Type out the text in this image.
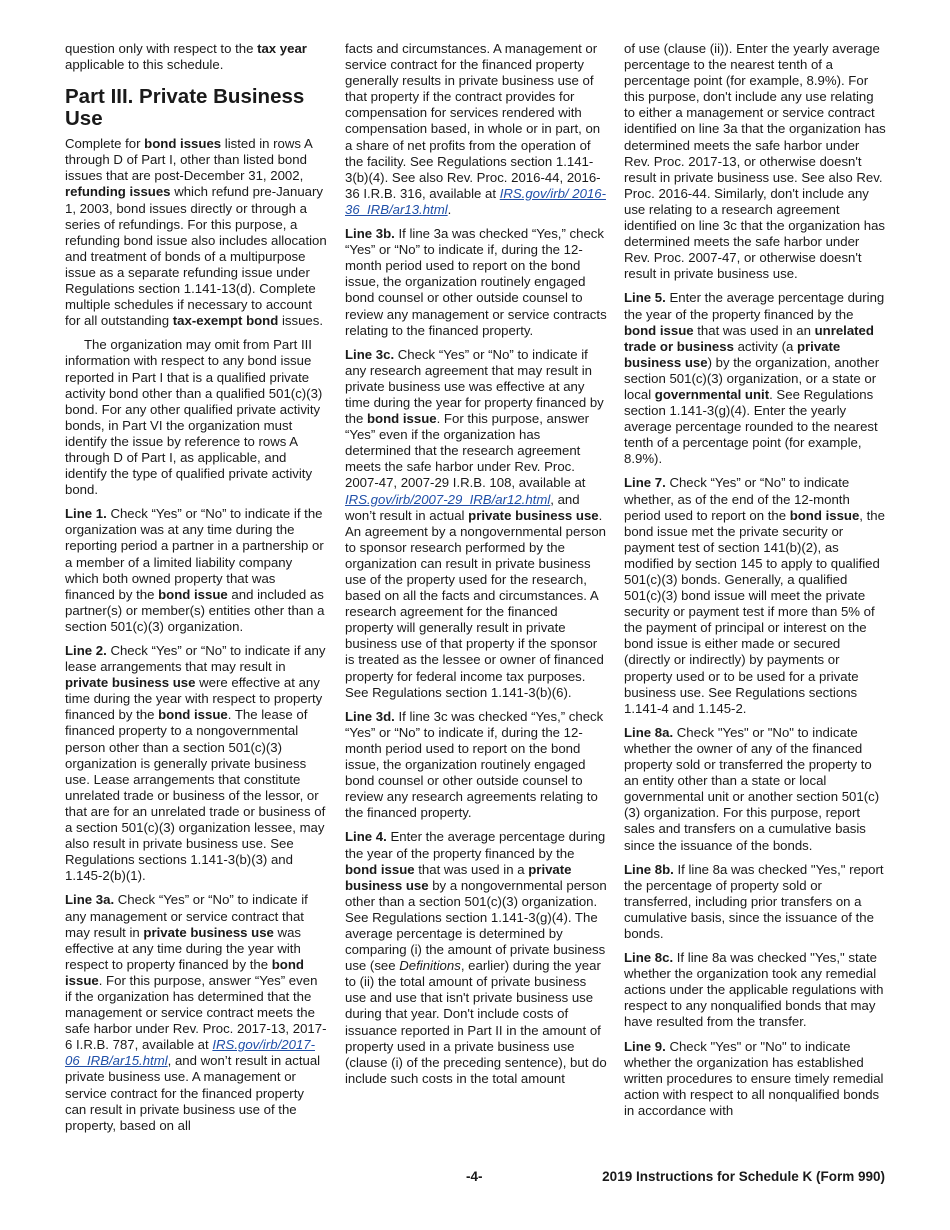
question only with respect to the tax year applicable to this schedule.

Part III. Private Business Use

Complete for bond issues listed in rows A through D of Part I, other than listed bond issues that are post-December 31, 2002, refunding issues which refund pre-January 1, 2003, bond issues directly or through a series of refundings. For this purpose, a refunding bond issue also includes allocation and treatment of bonds of a multipurpose issue as a separate refunding issue under Regulations section 1.141-13(d). Complete multiple schedules if necessary to account for all outstanding tax-exempt bond issues.

The organization may omit from Part III information with respect to any bond issue reported in Part I that is a qualified private activity bond other than a qualified 501(c)(3) bond. For any other qualified private activity bonds, in Part VI the organization must identify the issue by reference to rows A through D of Part I, as applicable, and identify the type of qualified private activity bond.

Line 1. Check “Yes” or “No” to indicate if the organization was at any time during the reporting period a partner in a partnership or a member of a limited liability company which both owned property that was financed by the bond issue and included as partner(s) or member(s) entities other than a section 501(c)(3) organization.

Line 2. Check “Yes” or “No” to indicate if any lease arrangements that may result in private business use were effective at any time during the year with respect to property financed by the bond issue. The lease of financed property to a nongovernmental person other than a section 501(c)(3) organization is generally private business use. Lease arrangements that constitute unrelated trade or business of the lessor, or that are for an unrelated trade or business of a section 501(c)(3) organization lessee, may also result in private business use. See Regulations sections 1.141-3(b)(3) and 1.145-2(b)(1).

Line 3a. Check “Yes” or “No” to indicate if any management or service contract that may result in private business use was effective at any time during the year with respect to property financed by the bond issue. For this purpose, answer “Yes” even if the organization has determined that the management or service contract meets the safe harbor under Rev. Proc. 2017-13, 2017-6 I.R.B. 787, available at IRS.gov/irb/2017-06_IRB/ar15.html, and won’t result in actual private business use. A management or service contract for the financed property can result in private business use of the property, based on all

facts and circumstances. A management or service contract for the financed property generally results in private business use of that property if the contract provides for compensation for services rendered with compensation based, in whole or in part, on a share of net profits from the operation of the facility. See Regulations section 1.141-3(b)(4). See also Rev. Proc. 2016-44, 2016-36 I.R.B. 316, available at IRS.gov/irb/ 2016-36_IRB/ar13.html.

Line 3b. If line 3a was checked “Yes,” check “Yes” or “No” to indicate if, during the 12-month period used to report on the bond issue, the organization routinely engaged bond counsel or other outside counsel to review any management or service contracts relating to the financed property.

Line 3c. Check “Yes” or “No” to indicate if any research agreement that may result in private business use was effective at any time during the year for property financed by the bond issue. For this purpose, answer “Yes” even if the organization has determined that the research agreement meets the safe harbor under Rev. Proc. 2007-47, 2007-29 I.R.B. 108, available at IRS.gov/irb/2007-29_IRB/ar12.html, and won’t result in actual private business use. An agreement by a nongovernmental person to sponsor research performed by the organization can result in private business use of the property used for the research, based on all the facts and circumstances. A research agreement for the financed property will generally result in private business use of that property if the sponsor is treated as the lessee or owner of financed property for federal income tax purposes. See Regulations section 1.141-3(b)(6).

Line 3d. If line 3c was checked “Yes,” check “Yes” or “No” to indicate if, during the 12-month period used to report on the bond issue, the organization routinely engaged bond counsel or other outside counsel to review any research agreements relating to the financed property.

Line 4. Enter the average percentage during the year of the property financed by the bond issue that was used in a private business use by a nongovernmental person other than a section 501(c)(3) organization. See Regulations section 1.141-3(g)(4). The average percentage is determined by comparing (i) the amount of private business use (see Definitions, earlier) during the year to (ii) the total amount of private business use and use that isn't private business use during that year. Don't include costs of issuance reported in Part II in the amount of property used in a private business use (clause (i) of the preceding sentence), but do include such costs in the total amount

of use (clause (ii)). Enter the yearly average percentage to the nearest tenth of a percentage point (for example, 8.9%). For this purpose, don't include any use relating to either a management or service contract identified on line 3a that the organization has determined meets the safe harbor under Rev. Proc. 2017-13, or otherwise doesn't result in private business use. See also Rev. Proc. 2016-44. Similarly, don't include any use relating to a research agreement identified on line 3c that the organization has determined meets the safe harbor under Rev. Proc. 2007-47, or otherwise doesn't result in private business use.

Line 5. Enter the average percentage during the year of the property financed by the bond issue that was used in an unrelated trade or business activity (a private business use) by the organization, another section 501(c)(3) organization, or a state or local governmental unit. See Regulations section 1.141-3(g)(4). Enter the yearly average percentage rounded to the nearest tenth of a percentage point (for example, 8.9%).

Line 7. Check “Yes” or “No” to indicate whether, as of the end of the 12-month period used to report on the bond issue, the bond issue met the private security or payment test of section 141(b)(2), as modified by section 145 to apply to qualified 501(c)(3) bonds. Generally, a qualified 501(c)(3) bond issue will meet the private security or payment test if more than 5% of the payment of principal or interest on the bond issue is either made or secured (directly or indirectly) by payments or property used or to be used for a private business use. See Regulations sections 1.141-4 and 1.145-2.

Line 8a. Check "Yes" or "No" to indicate whether the owner of any of the financed property sold or transferred the property to an entity other than a state or local governmental unit or another section 501(c)(3) organization. For this purpose, report sales and transfers on a cumulative basis since the issuance of the bonds.

Line 8b. If line 8a was checked "Yes," report the percentage of property sold or transferred, including prior transfers on a cumulative basis, since the issuance of the bonds.

Line 8c. If line 8a was checked "Yes," state whether the organization took any remedial actions under the applicable regulations with respect to any nonqualified bonds that may have resulted from the transfer.

Line 9. Check "Yes" or "No" to indicate whether the organization has established written procedures to ensure timely remedial action with respect to all nonqualified bonds in accordance with

-4-	2019 Instructions for Schedule K (Form 990)
